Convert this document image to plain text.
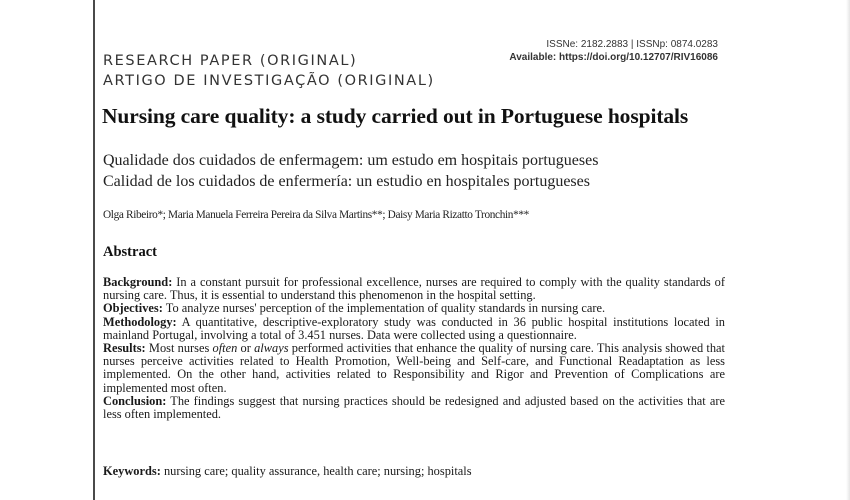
RESEARCH PAPER (ORIGINAL)
ARTIGO DE INVESTIGAÇÃO (ORIGINAL)
ISSNe: 2182.2883 | ISSNp: 0874.0283
Available: https://doi.org/10.12707/RIV16086
Nursing care quality: a study carried out in Portuguese hospitals
Qualidade dos cuidados de enfermagem: um estudo em hospitais portugueses
Calidad de los cuidados de enfermería: un estudio en hospitales portugueses
Olga Ribeiro*; Maria Manuela Ferreira Pereira da Silva Martins**; Daisy Maria Rizatto Tronchin***
Abstract

Background: In a constant pursuit for professional excellence, nurses are required to comply with the quality standards of nursing care. Thus, it is essential to understand this phenomenon in the hospital setting.

Objectives: To analyze nurses' perception of the implementation of quality standards in nursing care.

Methodology: A quantitative, descriptive-exploratory study was conducted in 36 public hospital institutions located in mainland Portugal, involving a total of 3.451 nurses. Data were collected using a questionnaire.

Results: Most nurses often or always performed activities that enhance the quality of nursing care. This analysis showed that nurses perceive activities related to Health Promotion, Well-being and Self-care, and Functional Readaptation as less implemented. On the other hand, activities related to Responsibility and Rigor and Prevention of Complications are implemented most often.

Conclusion: The findings suggest that nursing practices should be redesigned and adjusted based on the activities that are less often implemented.

Keywords: nursing care; quality assurance, health care; nursing; hospitals
